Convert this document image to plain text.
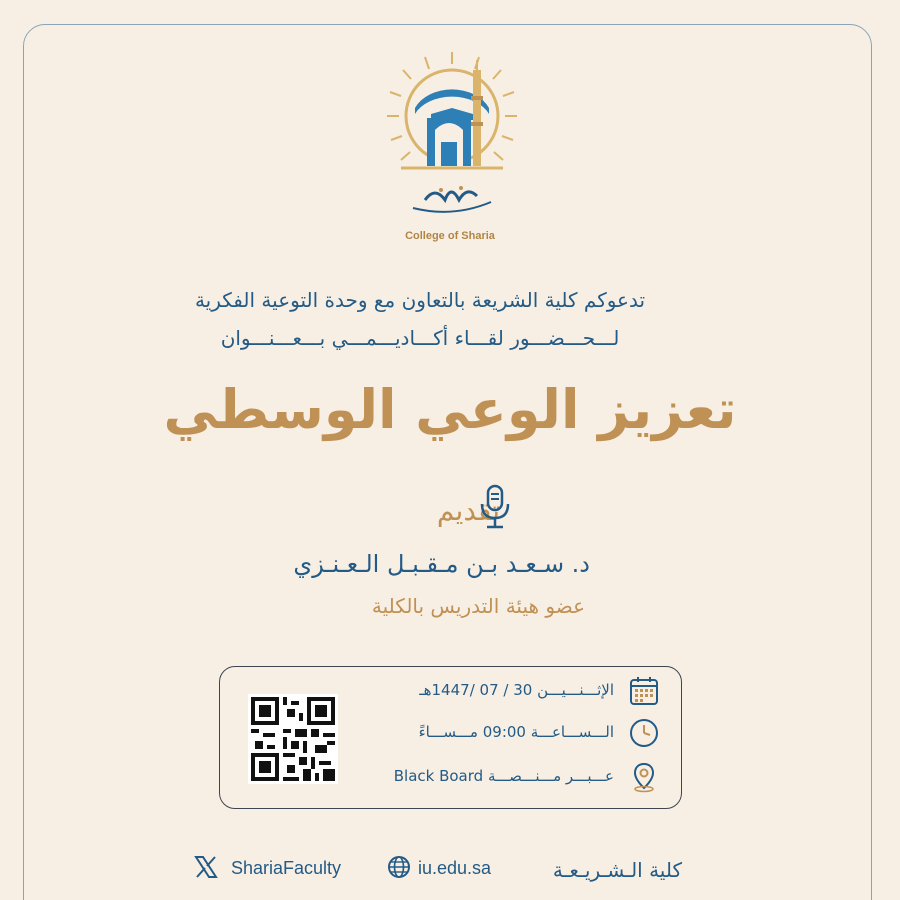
College of Sharia
تدعوكم كلية الشريعة بالتعاون مع وحدة التوعية الفكرية
لـــحـــضـــور لقـــاء أكـــاديـــمـــي بـــعـــنـــوان
تعزيز الوعي الوسطي
تقديم
د. سـعـد بـن مـقـبـل الـعـنـزي
عضو هيئة التدريس بالكلية
الإثـــنـــيـــن 30 / 07 /1447هـ
الـــســـاعـــة 09:00 مـــســـاءً
عـــبـــر مـــنـــصـــة Black Board
ShariaFaculty	iu.edu.sa	كلية الـشـريـعـة
